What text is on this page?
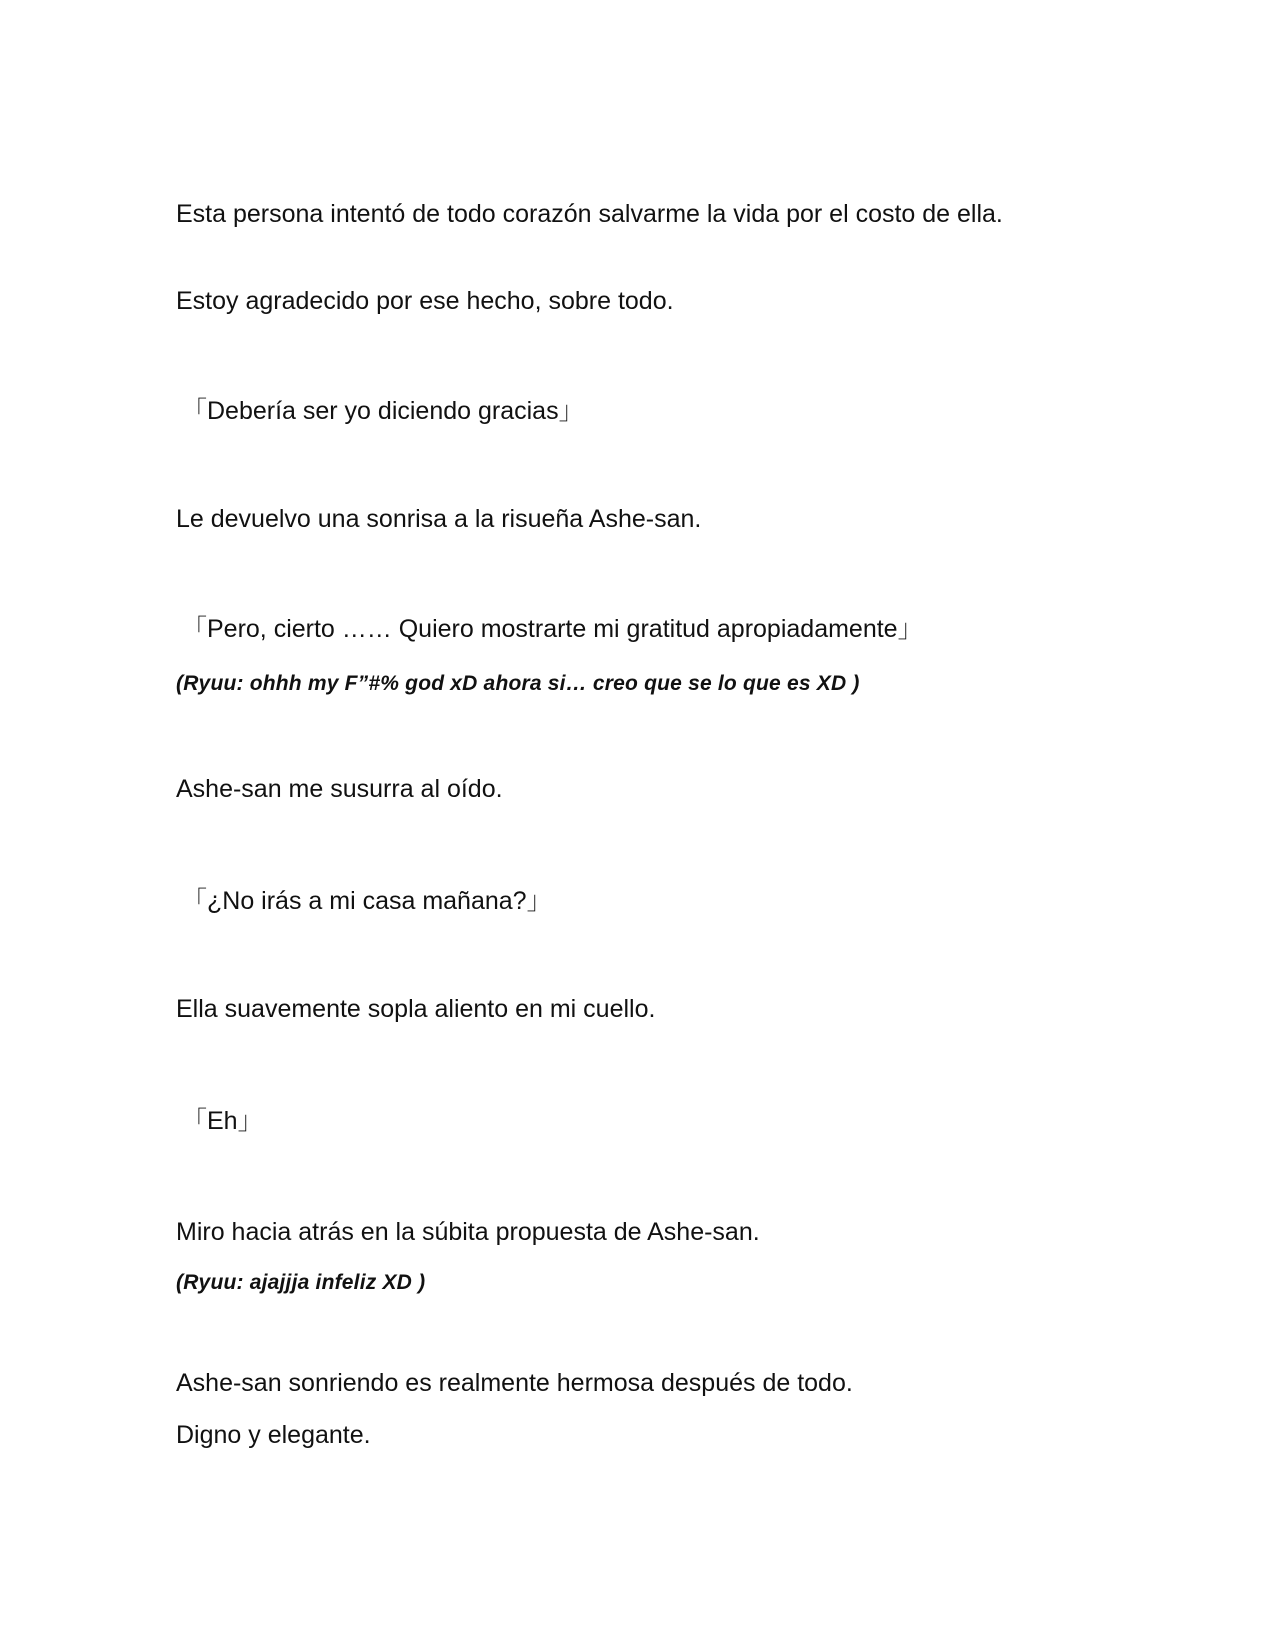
Esta persona intentó de todo corazón salvarme la vida por el costo de ella.

Estoy agradecido por ese hecho, sobre todo.

「Debería ser yo diciendo gracias」

Le devuelvo una sonrisa a la risueña Ashe-san.

「Pero, cierto …… Quiero mostrarte mi gratitud apropiadamente」

(Ryuu: ohhh my F”#% god xD ahora si… creo que se lo que es XD )

Ashe-san me susurra al oído.

「¿No irás a mi casa mañana?」

Ella suavemente sopla aliento en mi cuello.

「Eh」

Miro hacia atrás en la súbita propuesta de Ashe-san.

(Ryuu: ajajjja infeliz XD )

Ashe-san sonriendo es realmente hermosa después de todo.

Digno y elegante.
